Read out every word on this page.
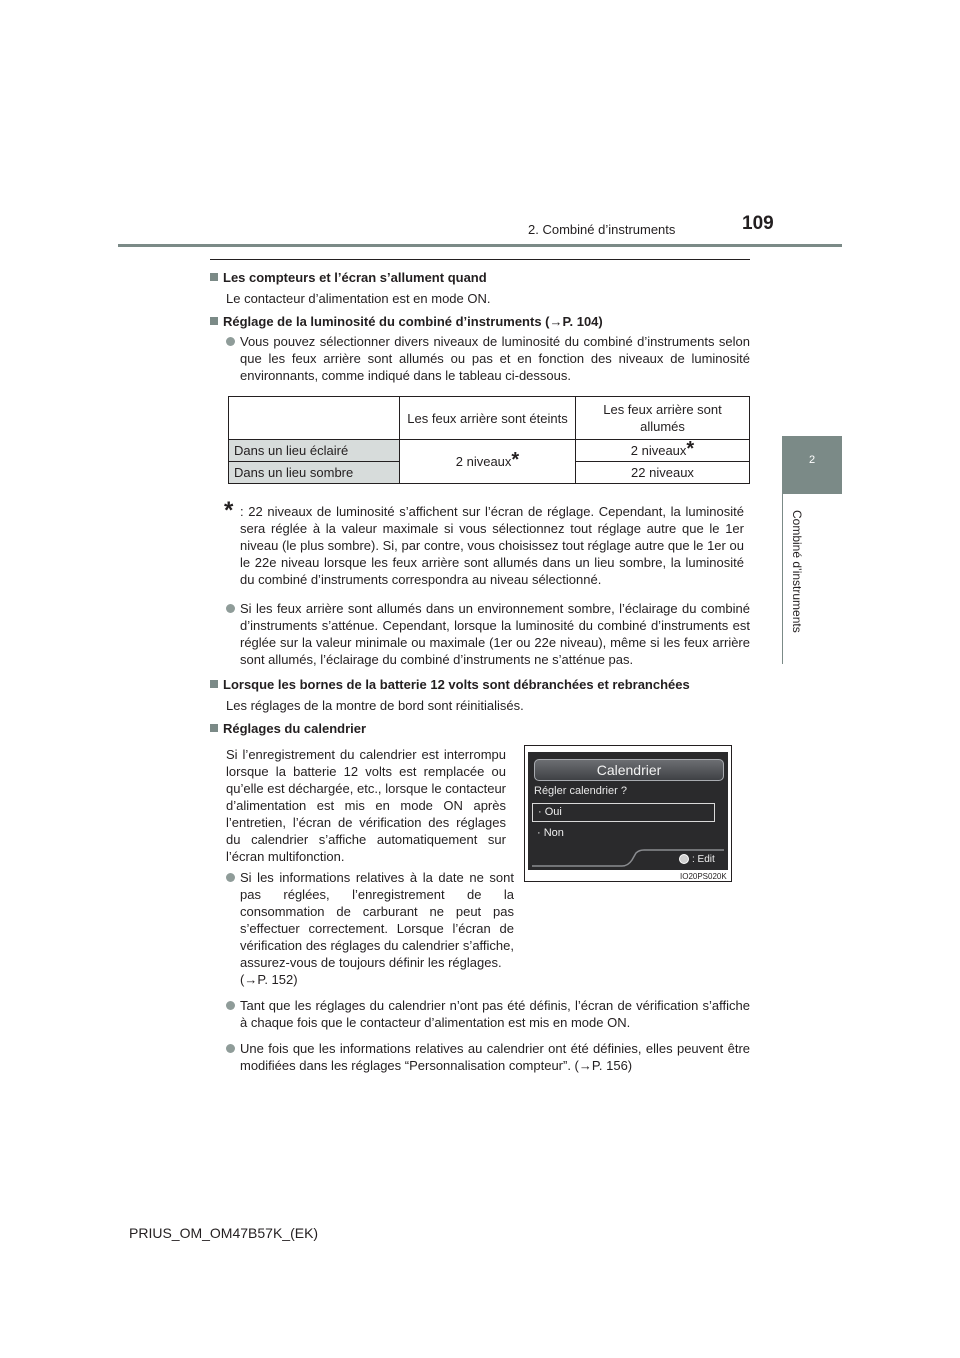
2. Combiné d’instruments	109
2
Combiné d’instruments
Les compteurs et l’écran s’allument quand
Le contacteur d’alimentation est en mode ON.
Réglage de la luminosité du combiné d’instruments (→P. 104)
Vous pouvez sélectionner divers niveaux de luminosité du combiné d’instruments selon que les feux arrière sont allumés ou pas et en fonction des niveaux de luminosité environnants, comme indiqué dans le tableau ci-dessous.
	Les feux arrière sont éteints	Les feux arrière sont allumés
Dans un lieu éclairé	2 niveaux*	2 niveaux*
Dans un lieu sombre		22 niveaux
* : 22 niveaux de luminosité s’affichent sur l’écran de réglage. Cependant, la luminosité sera réglée à la valeur maximale si vous sélectionnez tout réglage autre que le 1er niveau (le plus sombre). Si, par contre, vous choisissez tout réglage autre que le 1er ou le 22e niveau lorsque les feux arrière sont allumés dans un lieu sombre, la luminosité du combiné d’instruments correspondra au niveau sélectionné.
Si les feux arrière sont allumés dans un environnement sombre, l’éclairage du combiné d’instruments s’atténue. Cependant, lorsque la luminosité du combiné d’instruments est réglée sur la valeur minimale ou maximale (1er ou 22e niveau), même si les feux arrière sont allumés, l’éclairage du combiné d’instruments ne s’atténue pas.
Lorsque les bornes de la batterie 12 volts sont débranchées et rebranchées
Les réglages de la montre de bord sont réinitialisés.
Réglages du calendrier
Si l’enregistrement du calendrier est interrompu lorsque la batterie 12 volts est remplacée ou qu’elle est déchargée, etc., lorsque le contacteur d’alimentation est mis en mode ON après l’entretien, l’écran de vérification des réglages du calendrier s’affiche automatiquement sur l’écran multifonction.
Si les informations relatives à la date ne sont pas réglées, l’enregistrement de la consommation de carburant ne peut pas s’effectuer correctement. Lorsque l’écran de vérification des réglages du calendrier s’affiche, assurez-vous de toujours définir les réglages.
(→P. 152)
Tant que les réglages du calendrier n’ont pas été définis, l’écran de vérification s’affiche à chaque fois que le contacteur d’alimentation est mis en mode ON.
Une fois que les informations relatives au calendrier ont été définies, elles peuvent être modifiées dans les réglages “Personnalisation compteur”. (→P. 156)
Calendrier
Régler calendrier ?
· Oui
· Non
: Edit
IO20PS020K
PRIUS_OM_OM47B57K_(EK)
